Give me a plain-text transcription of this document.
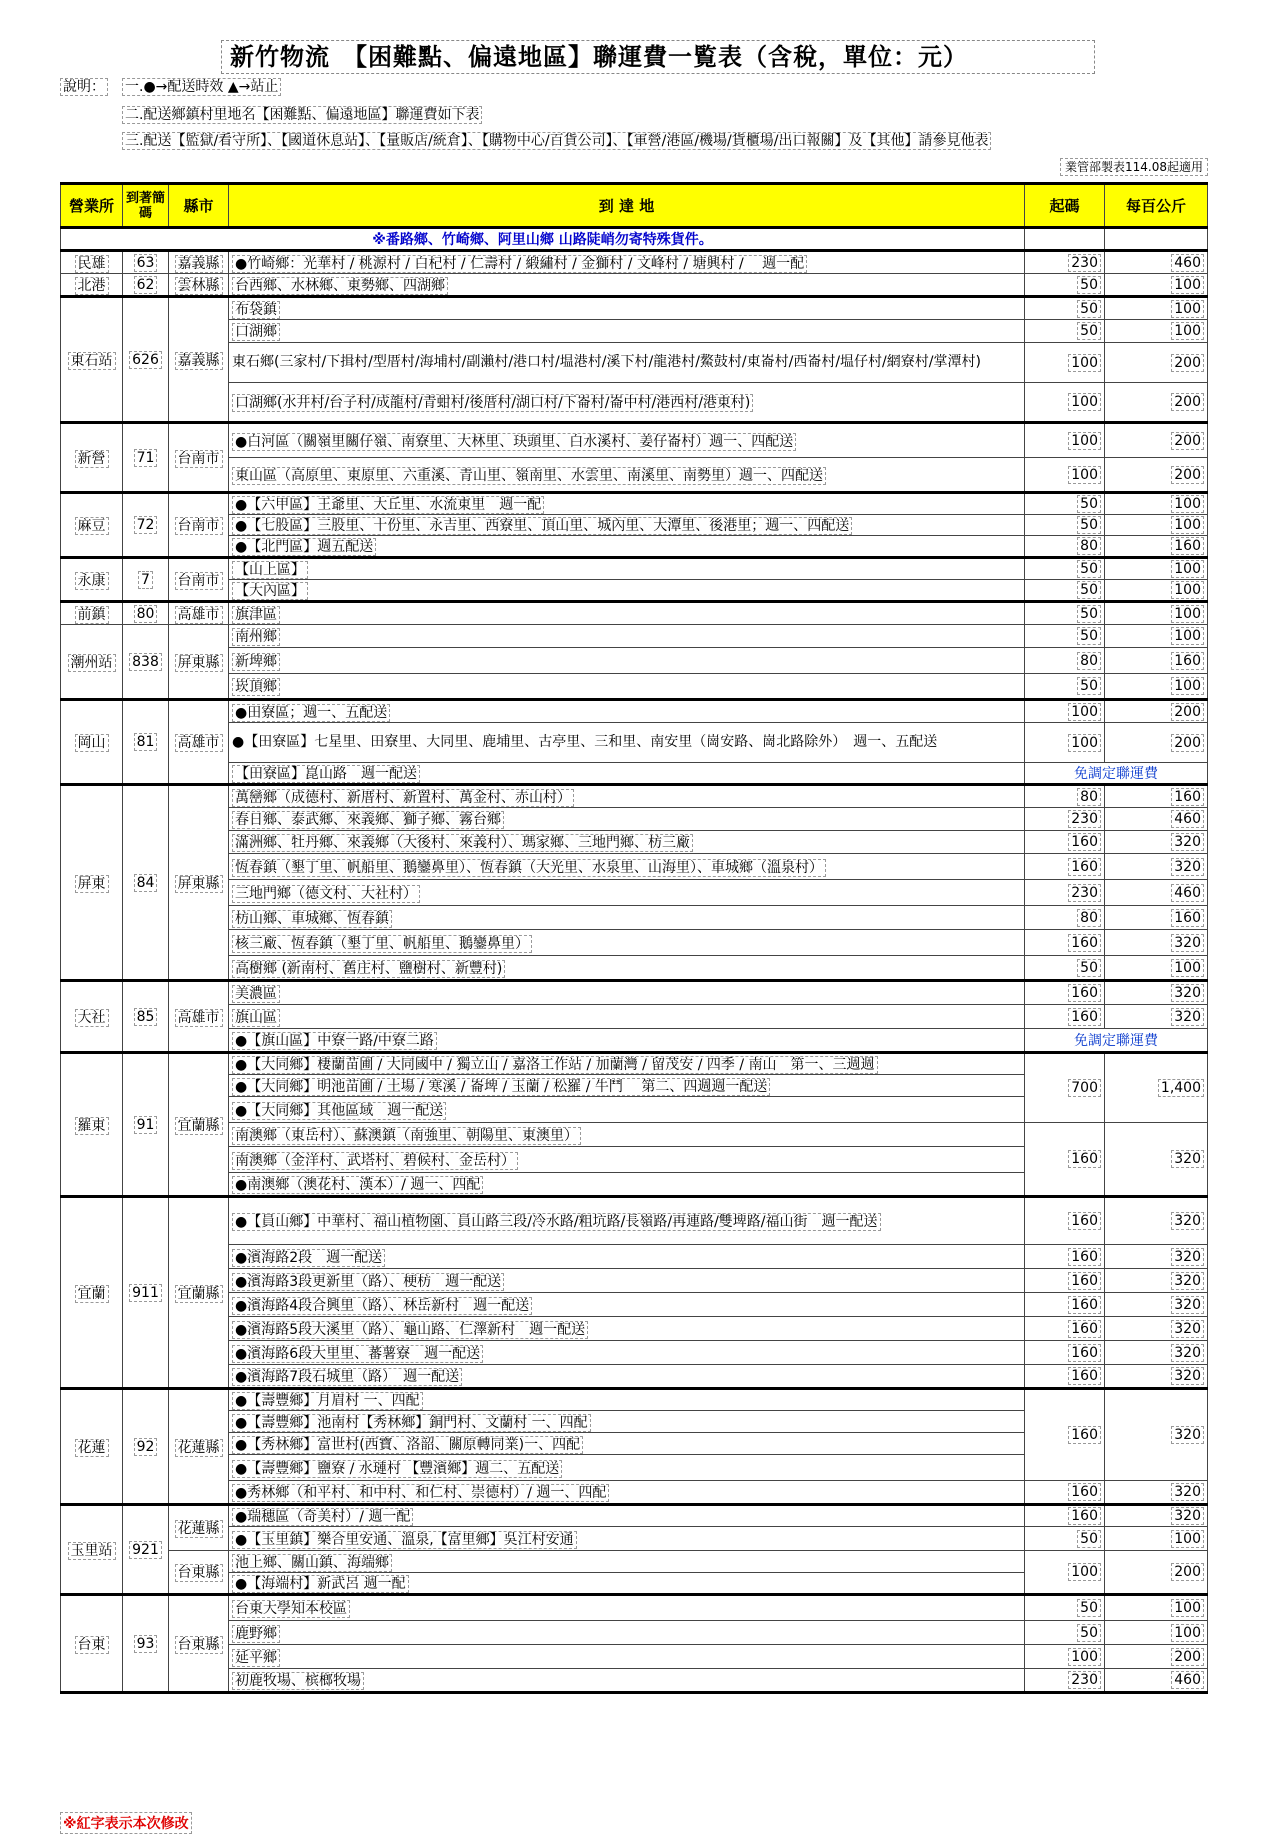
新竹物流　【困難點、偏遠地區】聯運費一覧表（含稅，單位：元）
說明： 一.●→配送時效 ▲→站止
二.配送鄉鎮村里地名【困難點、偏遠地區】聯運費如下表
三.配送【監獄/看守所】、【國道休息站】、【量販店/統倉】、【購物中心/百貨公司】、【軍營/港區/機場/貨櫃場/出口報關】及【其他】請參見他表
業管部製表114.08起適用
營業所	到著簡碼	縣市	到 達 地	起碼	每百公斤
※番路鄉、竹崎鄉、阿里山鄉 山路陡峭勿寄特殊貨件。					
民雄	63	嘉義縣	●竹崎鄉：光華村 / 桃源村 / 白杞村 / 仁壽村 / 緞繡村 / 金獅村 / 文峰村 / 塘興村 /　 週一配	230	460
北港	62	雲林縣	台西鄉、水林鄉、東勢鄉、四湖鄉	50	100
東石站	626	嘉義縣	布袋鎮	50	100
			口湖鄉	50	100

			東石鄉(三家村/下揖村/型厝村/海埔村/副瀨村/港口村/塭港村/溪下村/龍港村/鰲鼓村/東崙村/西崙村/塭仔村/網寮村/掌潭村)	100	200
			口湖鄉(水井村/台子村/成龍村/青蚶村/後厝村/湖口村/下崙村/崙中村/港西村/港東村)	100	200
新營	71	台南市	●白河區（關嶺里關仔嶺、南寮里、大林里、玦頭里、白水溪村、姜仔崙村）週一、四配送	100	200
			東山區（高原里、東原里、六重溪、青山里、嶺南里、水雲里、南溪里、南勢里）週一、四配送	100	200
麻豆	72	台南市	●【六甲區】王爺里、大丘里、水流東里　週一配	50	100
			●【七股區】三股里、十份里、永吉里、西寮里、頂山里、城內里、大潭里、後港里；週一、四配送	50	100
			●【北門區】週五配送	80	160
永康	7	台南市	【山上區】	50	100
			【大內區】	50	100
前鎮	80	高雄市	旗津區	50	100
潮州站	838	屏東縣	南州鄉	50	100
			新埤鄉	80	160
			崁頂鄉	50	100
岡山	81	高雄市	●田寮區；週一、五配送	100	200

			●【田寮區】七星里、田寮里、大同里、鹿埔里、古亭里、三和里、南安里（崗安路、崗北路除外）　週一、五配送	100	200
			【田寮區】崑山路　週一配送	免調定聯運費	
屏東	84	屏東縣	萬巒鄉（成德村、新厝村、新置村、萬金村、赤山村）	80	160
			春日鄉、泰武鄉、來義鄉、獅子鄉、霧台鄉	230	460
			滿洲鄉、牡丹鄉、來義鄉（大後村、來義村）、瑪家鄉、三地門鄉、枋三廠	160	320
			恆春鎮（墾丁里、帆船里、鵝鑾鼻里）、恆春鎮（大光里、水泉里、山海里）、車城鄉（溫泉村）	160	320
			三地門鄉（德文村、大社村）	230	460
			枋山鄉、車城鄉、恆春鎮	80	160
			核三廠、恆春鎮（墾丁里、帆船里、鵝鑾鼻里）	160	320
			高樹鄉 (新南村、舊庄村、鹽樹村、新豐村)	50	100
大社	85	高雄市	美濃區	160	320
			旗山區	160	320
			●【旗山區】中寮一路/中寮二路	免調定聯運費	
羅東	91	宜蘭縣	●【大同鄉】棲蘭苗圃 / 大同國中 / 獨立山 / 嘉洛工作站 / 加蘭灣 / 留茂安 / 四季 / 南山　第一、三週週	700	1,400
			●【大同鄉】明池苗圃 / 土場 / 寒溪 / 崙埤 / 玉蘭 / 松羅 / 牛鬥　 第二、四週週一配送		
			●【大同鄉】其他區域　週一配送		
			南澳鄉（東岳村）、蘇澳鎮（南強里、朝陽里、東澳里）	160	320
			南澳鄉（金洋村、武塔村、碧候村、金岳村）		
			●南澳鄉（澳花村、漢本）/ 週一、四配		
宜蘭	911	宜蘭縣	●【員山鄉】中華村、福山植物園、員山路三段/冷水路/粗坑路/長嶺路/再連路/雙埤路/福山街　週一配送	160	320
			●濱海路2段　週一配送	160	320
			●濱海路3段更新里（路）、梗枋　週一配送	160	320
			●濱海路4段合興里（路）、林岳新村　週一配送	160	320
			●濱海路5段大溪里（路）、龜山路、仁澤新村　週一配送	160	320
			●濱海路6段大里里、蕃薯寮　週一配送	160	320
			●濱海路7段石城里（路）　週一配送	160	320
花蓮	92	花蓮縣	●【壽豐鄉】月眉村 一、四配	160	320
			●【壽豐鄉】池南村【秀林鄉】銅門村、文蘭村 一、四配		
			●【秀林鄉】富世村(西寶、洛韶、關原轉同業)一、四配		
			●【壽豐鄉】鹽寮 / 水璉村 【豐濱鄉】週二、五配送		
			●秀林鄉（和平村、和中村、和仁村、崇德村）/ 週一、四配	160	320
玉里站	921	花蓮縣	●瑞穗區（奇美村）/ 週一配	160	320
			●【玉里鎮】樂合里安通、溫泉,【富里鄉】吳江村安通	50	100
		台東縣	池上鄉、關山鎮、海端鄉	100	200
			●【海端村】新武呂 週一配		
台東	93	台東縣	台東大學知本校區	50	100
			鹿野鄉	50	100
			延平鄉	100	200
			初鹿牧場、槟榔牧場	230	460
※紅字表示本次修改
